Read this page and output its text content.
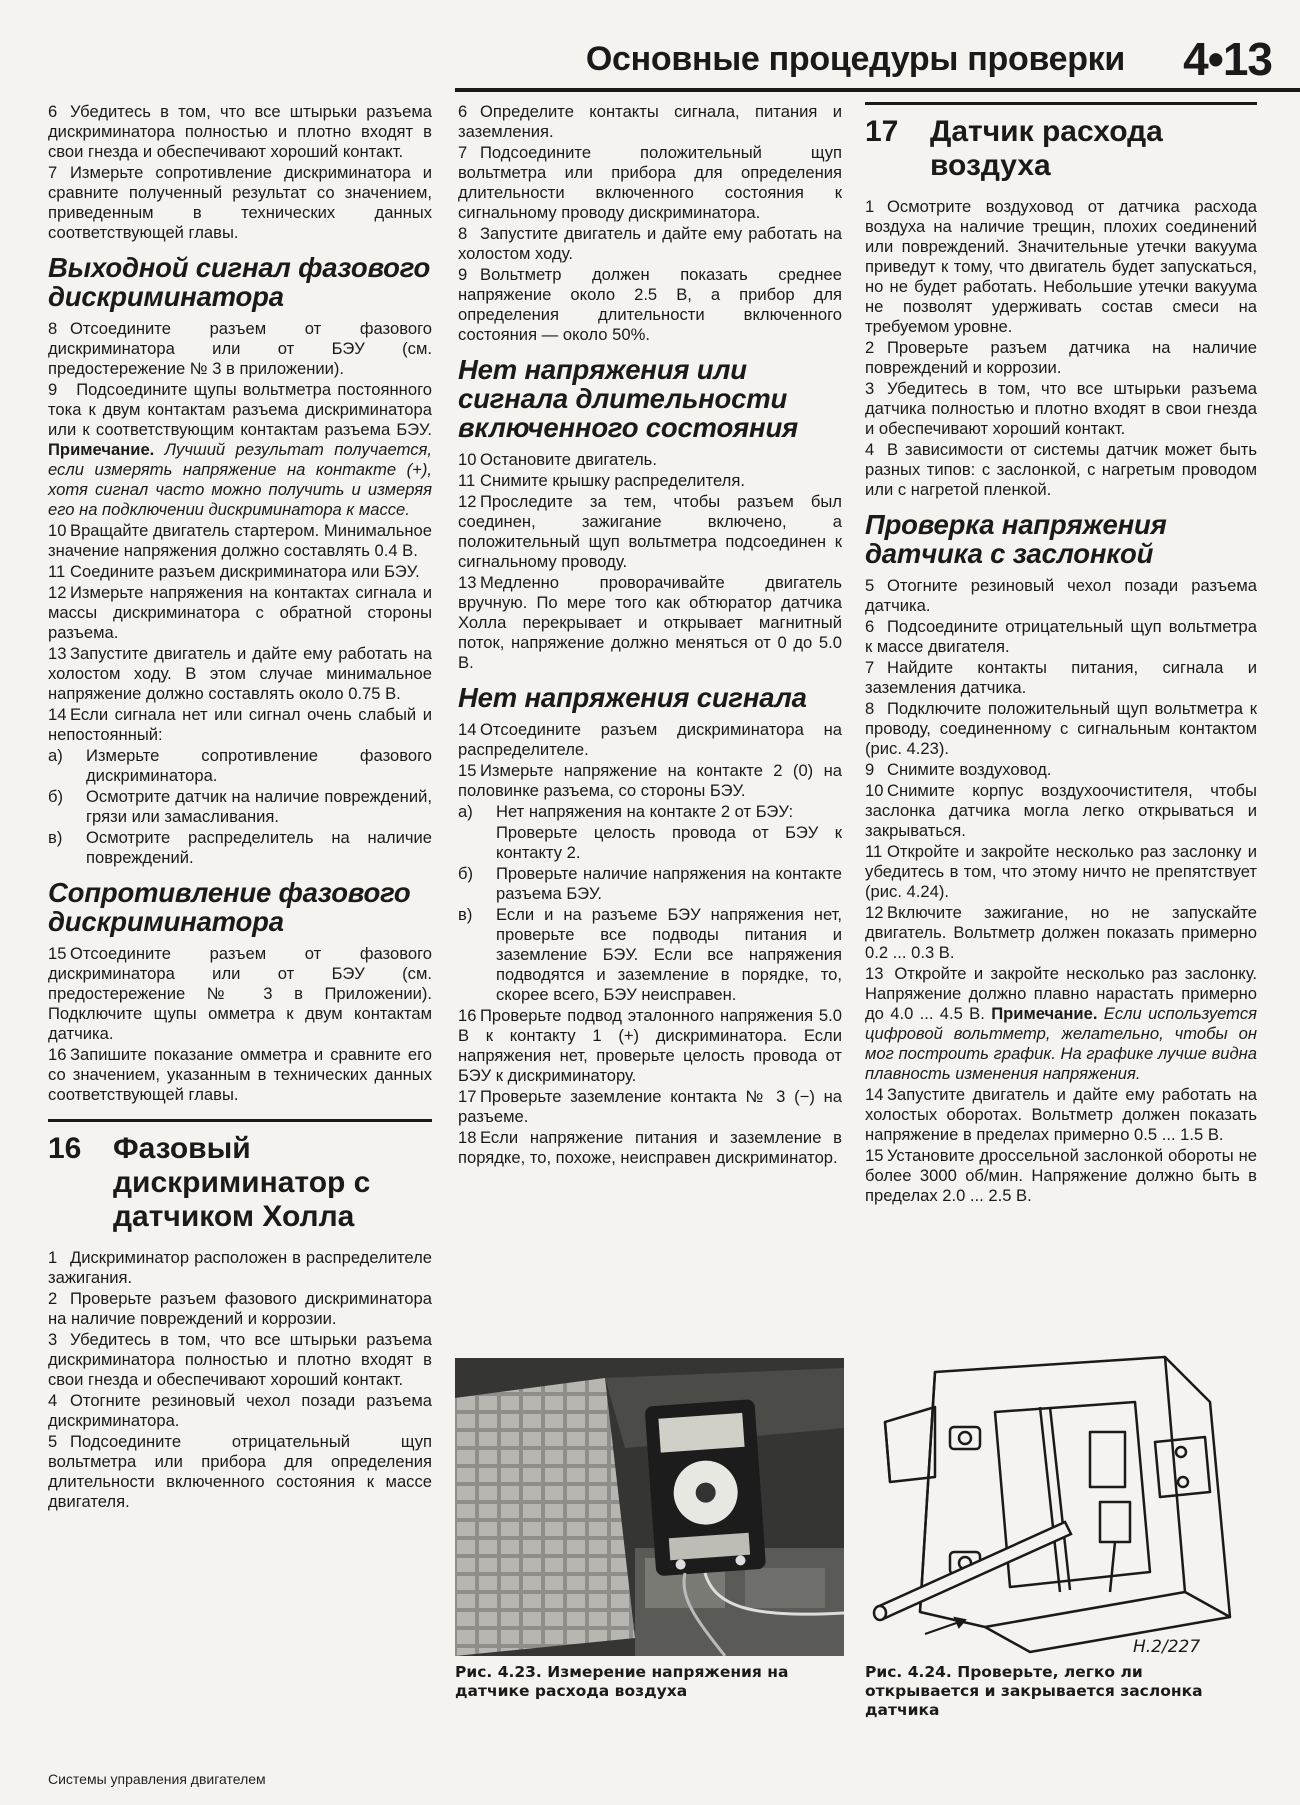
Основные процедуры проверки 4•13

6 Убедитесь в том, что все штырьки разъема дискриминатора полностью и плотно входят в свои гнезда и обеспечивают хороший контакт.

7 Измерьте сопротивление дискриминатора и сравните полученный результат со значением, приведенным в технических данных соответствующей главы.

Выходной сигнал фазового дискриминатора

8 Отсоедините разъем от фазового дискриминатора или от БЭУ (см. предостережение № 3 в приложении).

9 Подсоедините щупы вольтметра постоянного тока к двум контактам разъема дискриминатора или к соответствующим контактам разъема БЭУ. Примечание. Лучший результат получается, если измерять напряжение на контакте (+), хотя сигнал часто можно получить и измеряя его на подключении дискриминатора к массе.

10 Вращайте двигатель стартером. Минимальное значение напряжения должно составлять 0.4 В.

11 Соедините разъем дискриминатора или БЭУ.

12 Измерьте напряжения на контактах сигнала и массы дискриминатора с обратной стороны разъема.

13 Запустите двигатель и дайте ему работать на холостом ходу. В этом случае минимальное напряжение должно составлять около 0.75 В.

14 Если сигнала нет или сигнал очень слабый и непостоянный:

а)	Измерьте сопротивление фазового дискриминатора.
б)	Осмотрите датчик на наличие повреждений, грязи или замасливания.
в)	Осмотрите распределитель на наличие повреждений.
Сопротивление фазового дискриминатора

15 Отсоедините разъем от фазового дискриминатора или от БЭУ (см. предостережение № 3 в Приложении). Подключите щупы омметра к двум контактам датчика.

16 Запишите показание омметра и сравните его со значением, указанным в технических данных соответствующей главы.

16	Фазовый дискриминатор с датчиком Холла

1 Дискриминатор расположен в распределителе зажигания.

2 Проверьте разъем фазового дискриминатора на наличие повреждений и коррозии.

3 Убедитесь в том, что все штырьки разъема дискриминатора полностью и плотно входят в свои гнезда и обеспечивают хороший контакт.

4 Отогните резиновый чехол позади разъема дискриминатора.

5 Подсоедините отрицательный щуп вольтметра или прибора для определения длительности включенного состояния к массе двигателя.

6 Определите контакты сигнала, питания и заземления.

7 Подсоедините положительный щуп вольтметра или прибора для определения длительности включенного состояния к сигнальному проводу дискриминатора.

8 Запустите двигатель и дайте ему работать на холостом ходу.

9 Вольтметр должен показать среднее напряжение около 2.5 В, а прибор для определения длительности включенного состояния — около 50%.

Нет напряжения или сигнала длительности включенного состояния

10 Остановите двигатель.

11 Снимите крышку распределителя.

12 Проследите за тем, чтобы разъем был соединен, зажигание включено, а положительный щуп вольтметра подсоединен к сигнальному проводу.

13 Медленно проворачивайте двигатель вручную. По мере того как обтюратор датчика Холла перекрывает и открывает магнитный поток, напряжение должно меняться от 0 до 5.0 В.

Нет напряжения сигнала

14 Отсоедините разъем дискриминатора на распределителе.

15 Измерьте напряжение на контакте 2 (0) на половинке разъема, со стороны БЭУ.

а)	Нет напряжения на контакте 2 от БЭУ:
Проверьте целость провода от БЭУ к контакту 2.
б)	Проверьте наличие напряжения на контакте разъема БЭУ.
в)	Если и на разъеме БЭУ напряжения нет, проверьте все подводы питания и заземление БЭУ. Если все напряжения подводятся и заземление в порядке, то, скорее всего, БЭУ неисправен.

16 Проверьте подвод эталонного напряжения 5.0 В к контакту 1 (+) дискриминатора. Если напряжения нет, проверьте целость провода от БЭУ к дискриминатору.

17 Проверьте заземление контакта № 3 (−) на разъеме.

18 Если напряжение питания и заземление в порядке, то, похоже, неисправен дискриминатор.

17	Датчик расхода воздуха

1 Осмотрите воздуховод от датчика расхода воздуха на наличие трещин, плохих соединений или повреждений. Значительные утечки вакуума приведут к тому, что двигатель будет запускаться, но не будет работать. Небольшие утечки вакуума не позволят удерживать состав смеси на требуемом уровне.

2 Проверьте разъем датчика на наличие повреждений и коррозии.

3 Убедитесь в том, что все штырьки разъема датчика полностью и плотно входят в свои гнезда и обеспечивают хороший контакт.

4 В зависимости от системы датчик может быть разных типов: с заслонкой, с нагретым проводом или с нагретой пленкой.

Проверка напряжения датчика с заслонкой

5 Отогните резиновый чехол позади разъема датчика.

6 Подсоедините отрицательный щуп вольтметра к массе двигателя.

7 Найдите контакты питания, сигнала и заземления датчика.

8 Подключите положительный щуп вольтметра к проводу, соединенному с сигнальным контактом (рис. 4.23).

9 Снимите воздуховод.

10 Снимите корпус воздухоочистителя, чтобы заслонка датчика могла легко открываться и закрываться.

11 Откройте и закройте несколько раз заслонку и убедитесь в том, что этому ничто не препятствует (рис. 4.24).

12 Включите зажигание, но не запускайте двигатель. Вольтметр должен показать примерно 0.2 ... 0.3 В.

13 Откройте и закройте несколько раз заслонку. Напряжение должно плавно нарастать примерно до 4.0 ... 4.5 В. Примечание. Если используется цифровой вольтметр, желательно, чтобы он мог построить график. На графике лучше видна плавность изменения напряжения.

14 Запустите двигатель и дайте ему работать на холостых оборотах. Вольтметр должен показать напряжение в пределах примерно 0.5 ... 1.5 В.

15 Установите дроссельной заслонкой обороты не более 3000 об/мин. Напряжение должно быть в пределах 2.0 ... 2.5 В.

H.2/227
Рис. 4.23. Измерение напряжения на датчике расхода воздуха
Рис. 4.24. Проверьте, легко ли открывается и закрывается заслонка датчика
Системы управления двигателем
